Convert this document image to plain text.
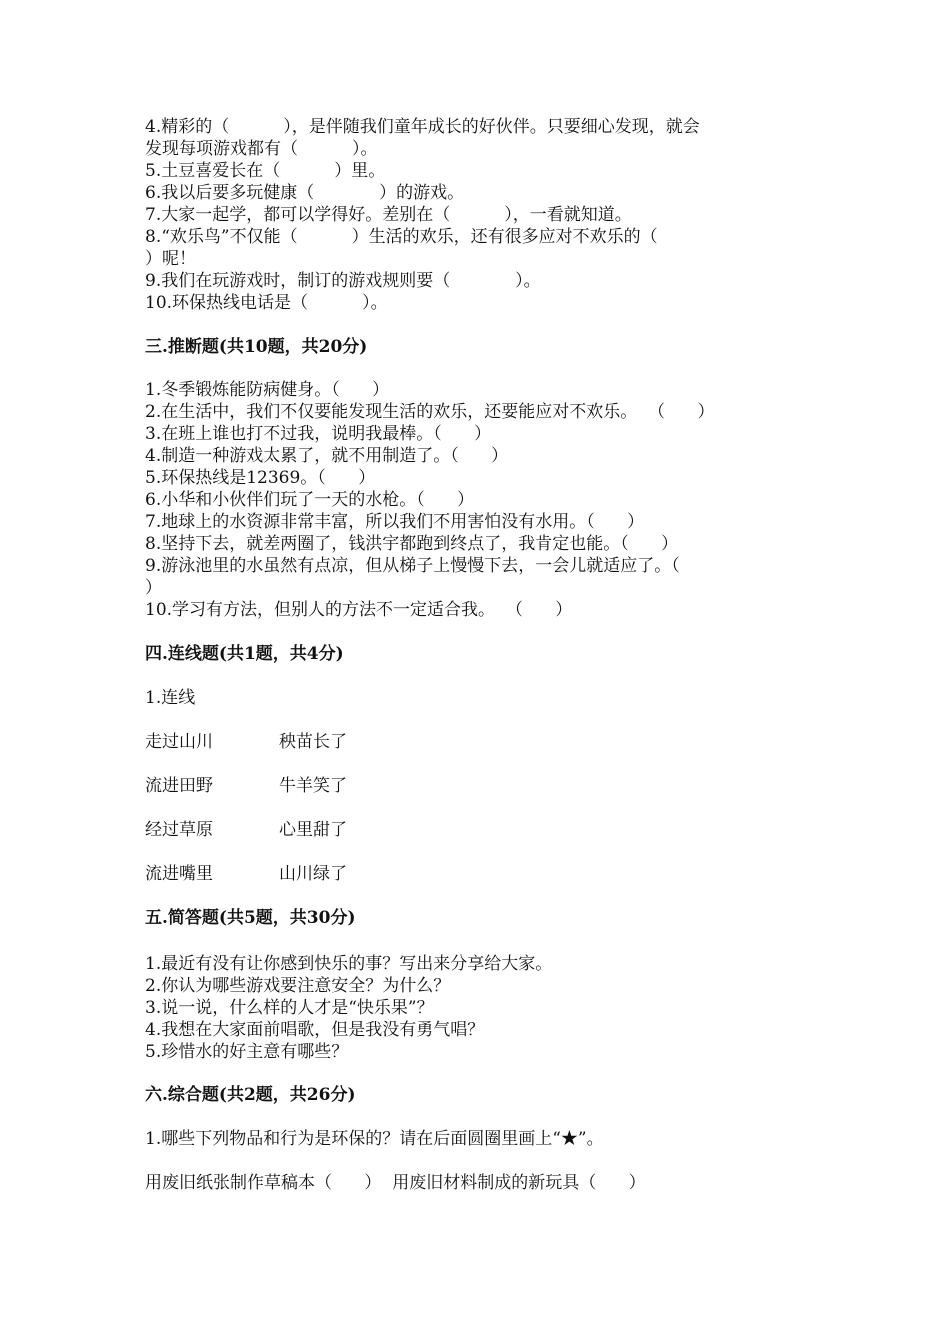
4.精彩的（          ），是伴随我们童年成长的好伙伴。只要细心发现，就会
发现每项游戏都有（          ）。
5.土豆喜爱长在（          ）里。
6.我以后要多玩健康（            ）的游戏。
7.大家一起学，都可以学得好。差别在（          ），一看就知道。
8.“欢乐鸟”不仅能（          ）生活的欢乐，还有很多应对不欢乐的（
）呢！
9.我们在玩游戏时，制订的游戏规则要（            ）。
10.环保热线电话是（          ）。
三.推断题(共10题，共20分)
1.冬季锻炼能防病健身。（      ）
2.在生活中，我们不仅要能发现生活的欢乐，还要能应对不欢乐。  （      ）
3.在班上谁也打不过我，说明我最棒。（      ）
4.制造一种游戏太累了，就不用制造了。（      ）
5.环保热线是12369。（      ）
6.小华和小伙伴们玩了一天的水枪。（      ）
7.地球上的水资源非常丰富，所以我们不用害怕没有水用。（      ）
8.坚持下去，就差两圈了，钱洪宇都跑到终点了，我肯定也能。（      ）
9.游泳池里的水虽然有点凉，但从梯子上慢慢下去，一会儿就适应了。（
）
10.学习有方法，但别人的方法不一定适合我。  （      ）
四.连线题(共1题，共4分)
1.连线
走过山川	秧苗长了
流进田野	牛羊笑了
经过草原	心里甜了
流进嘴里	山川绿了
五.简答题(共5题，共30分)
1.最近有没有让你感到快乐的事？写出来分享给大家。
2.你认为哪些游戏要注意安全？为什么？
3.说一说，什么样的人才是“快乐果”？
4.我想在大家面前唱歌，但是我没有勇气唱？
5.珍惜水的好主意有哪些？
六.综合题(共2题，共26分)
1.哪些下列物品和行为是环保的？请在后面圆圈里画上“★”。
用废旧纸张制作草稿本（      ）  用废旧材料制成的新玩具（      ）
